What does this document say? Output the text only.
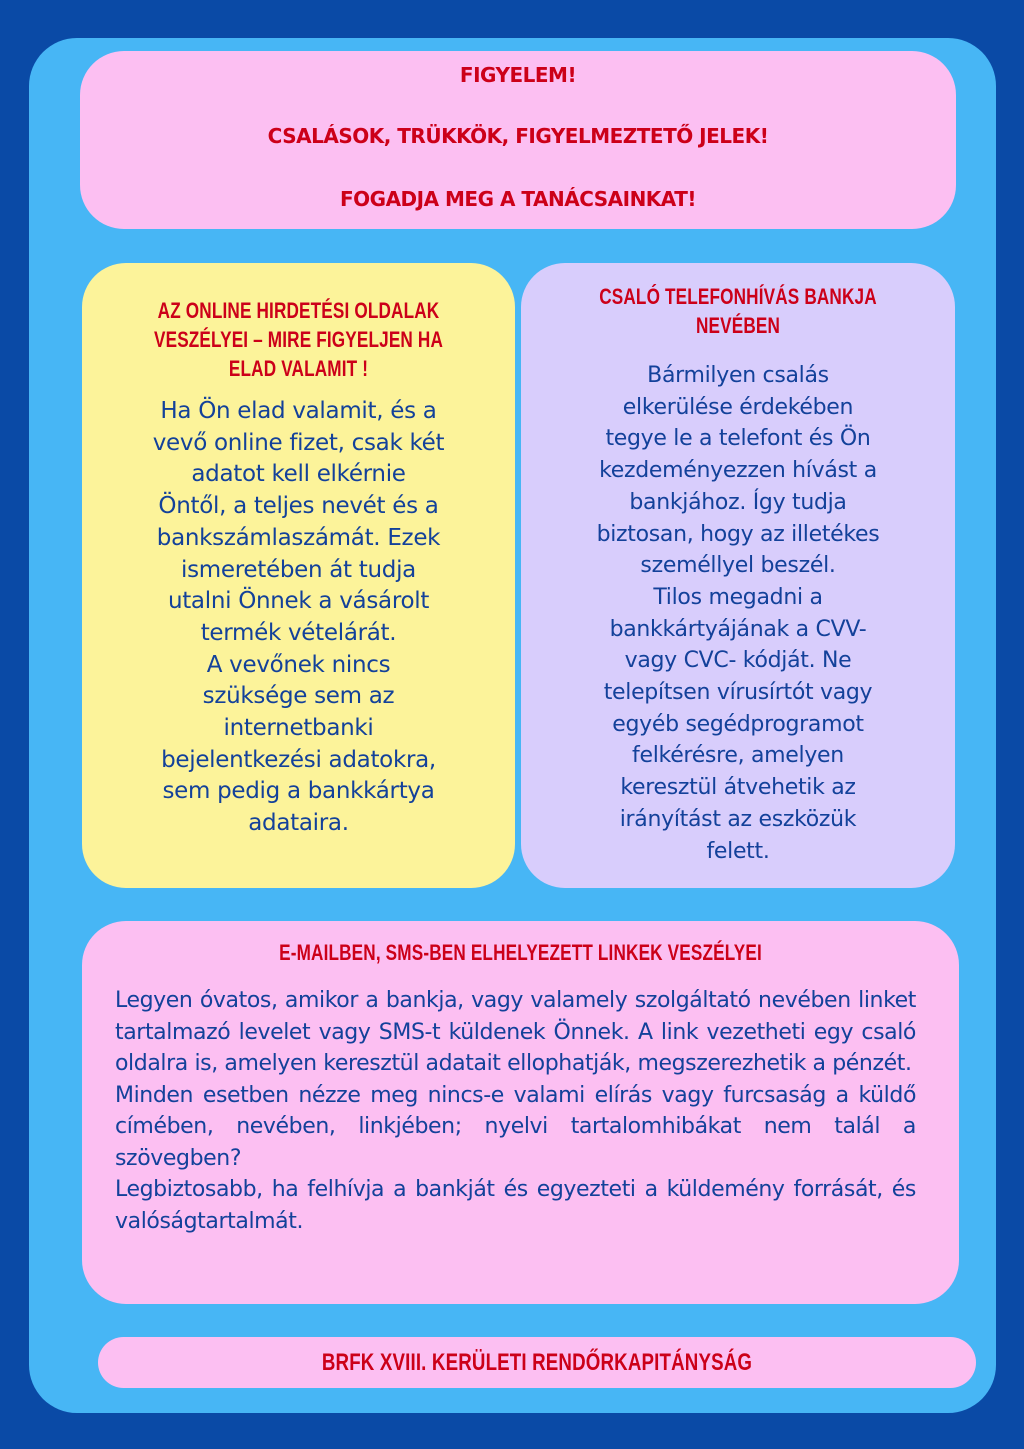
FIGYELEM!
CSALÁSOK, TRÜKKÖK, FIGYELMEZTETŐ JELEK!
FOGADJA MEG A TANÁCSAINKAT!
AZ ONLINE HIRDETÉSI OLDALAK
VESZÉLYEI – MIRE FIGYELJEN HA
ELAD VALAMIT !
Ha Ön elad valamit, és a
vevő online fizet, csak két
adatot kell elkérnie
Öntől, a teljes nevét és a
bankszámlaszámát. Ezek
ismeretében át tudja
utalni Önnek a vásárolt
termék vételárát.
A vevőnek nincs
szüksége sem az
internetbanki
bejelentkezési adatokra,
sem pedig a bankkártya
adataira.
CSALÓ TELEFONHÍVÁS BANKJA
NEVÉBEN
Bármilyen csalás
elkerülése érdekében
tegye le a telefont és Ön
kezdeményezzen hívást a
bankjához. Így tudja
biztosan, hogy az illetékes
személlyel beszél.
Tilos megadni a
bankkártyájának a CVV-
vagy CVC- kódját. Ne
telepítsen vírusírtót vagy
egyéb segédprogramot
felkérésre, amelyen
keresztül átvehetik az
irányítást az eszközük
felett.
E-MAILBEN, SMS-BEN ELHELYEZETT LINKEK VESZÉLYEI
Legyen óvatos, amikor a bankja, vagy valamely szolgáltató nevében linket tartalmazó levelet vagy SMS-t küldenek Önnek. A link vezetheti egy csaló oldalra is, amelyen keresztül adatait ellophatják, megszerezhetik a pénzét.
Minden esetben nézze meg nincs-e valami elírás vagy furcsaság a küldő címében, nevében, linkjében; nyelvi tartalomhibákat nem talál a szövegben?
Legbiztosabb, ha felhívja a bankját és egyezteti a küldemény forrását, és valóságtartalmát.
BRFK XVIII. KERÜLETI RENDŐRKAPITÁNYSÁG
